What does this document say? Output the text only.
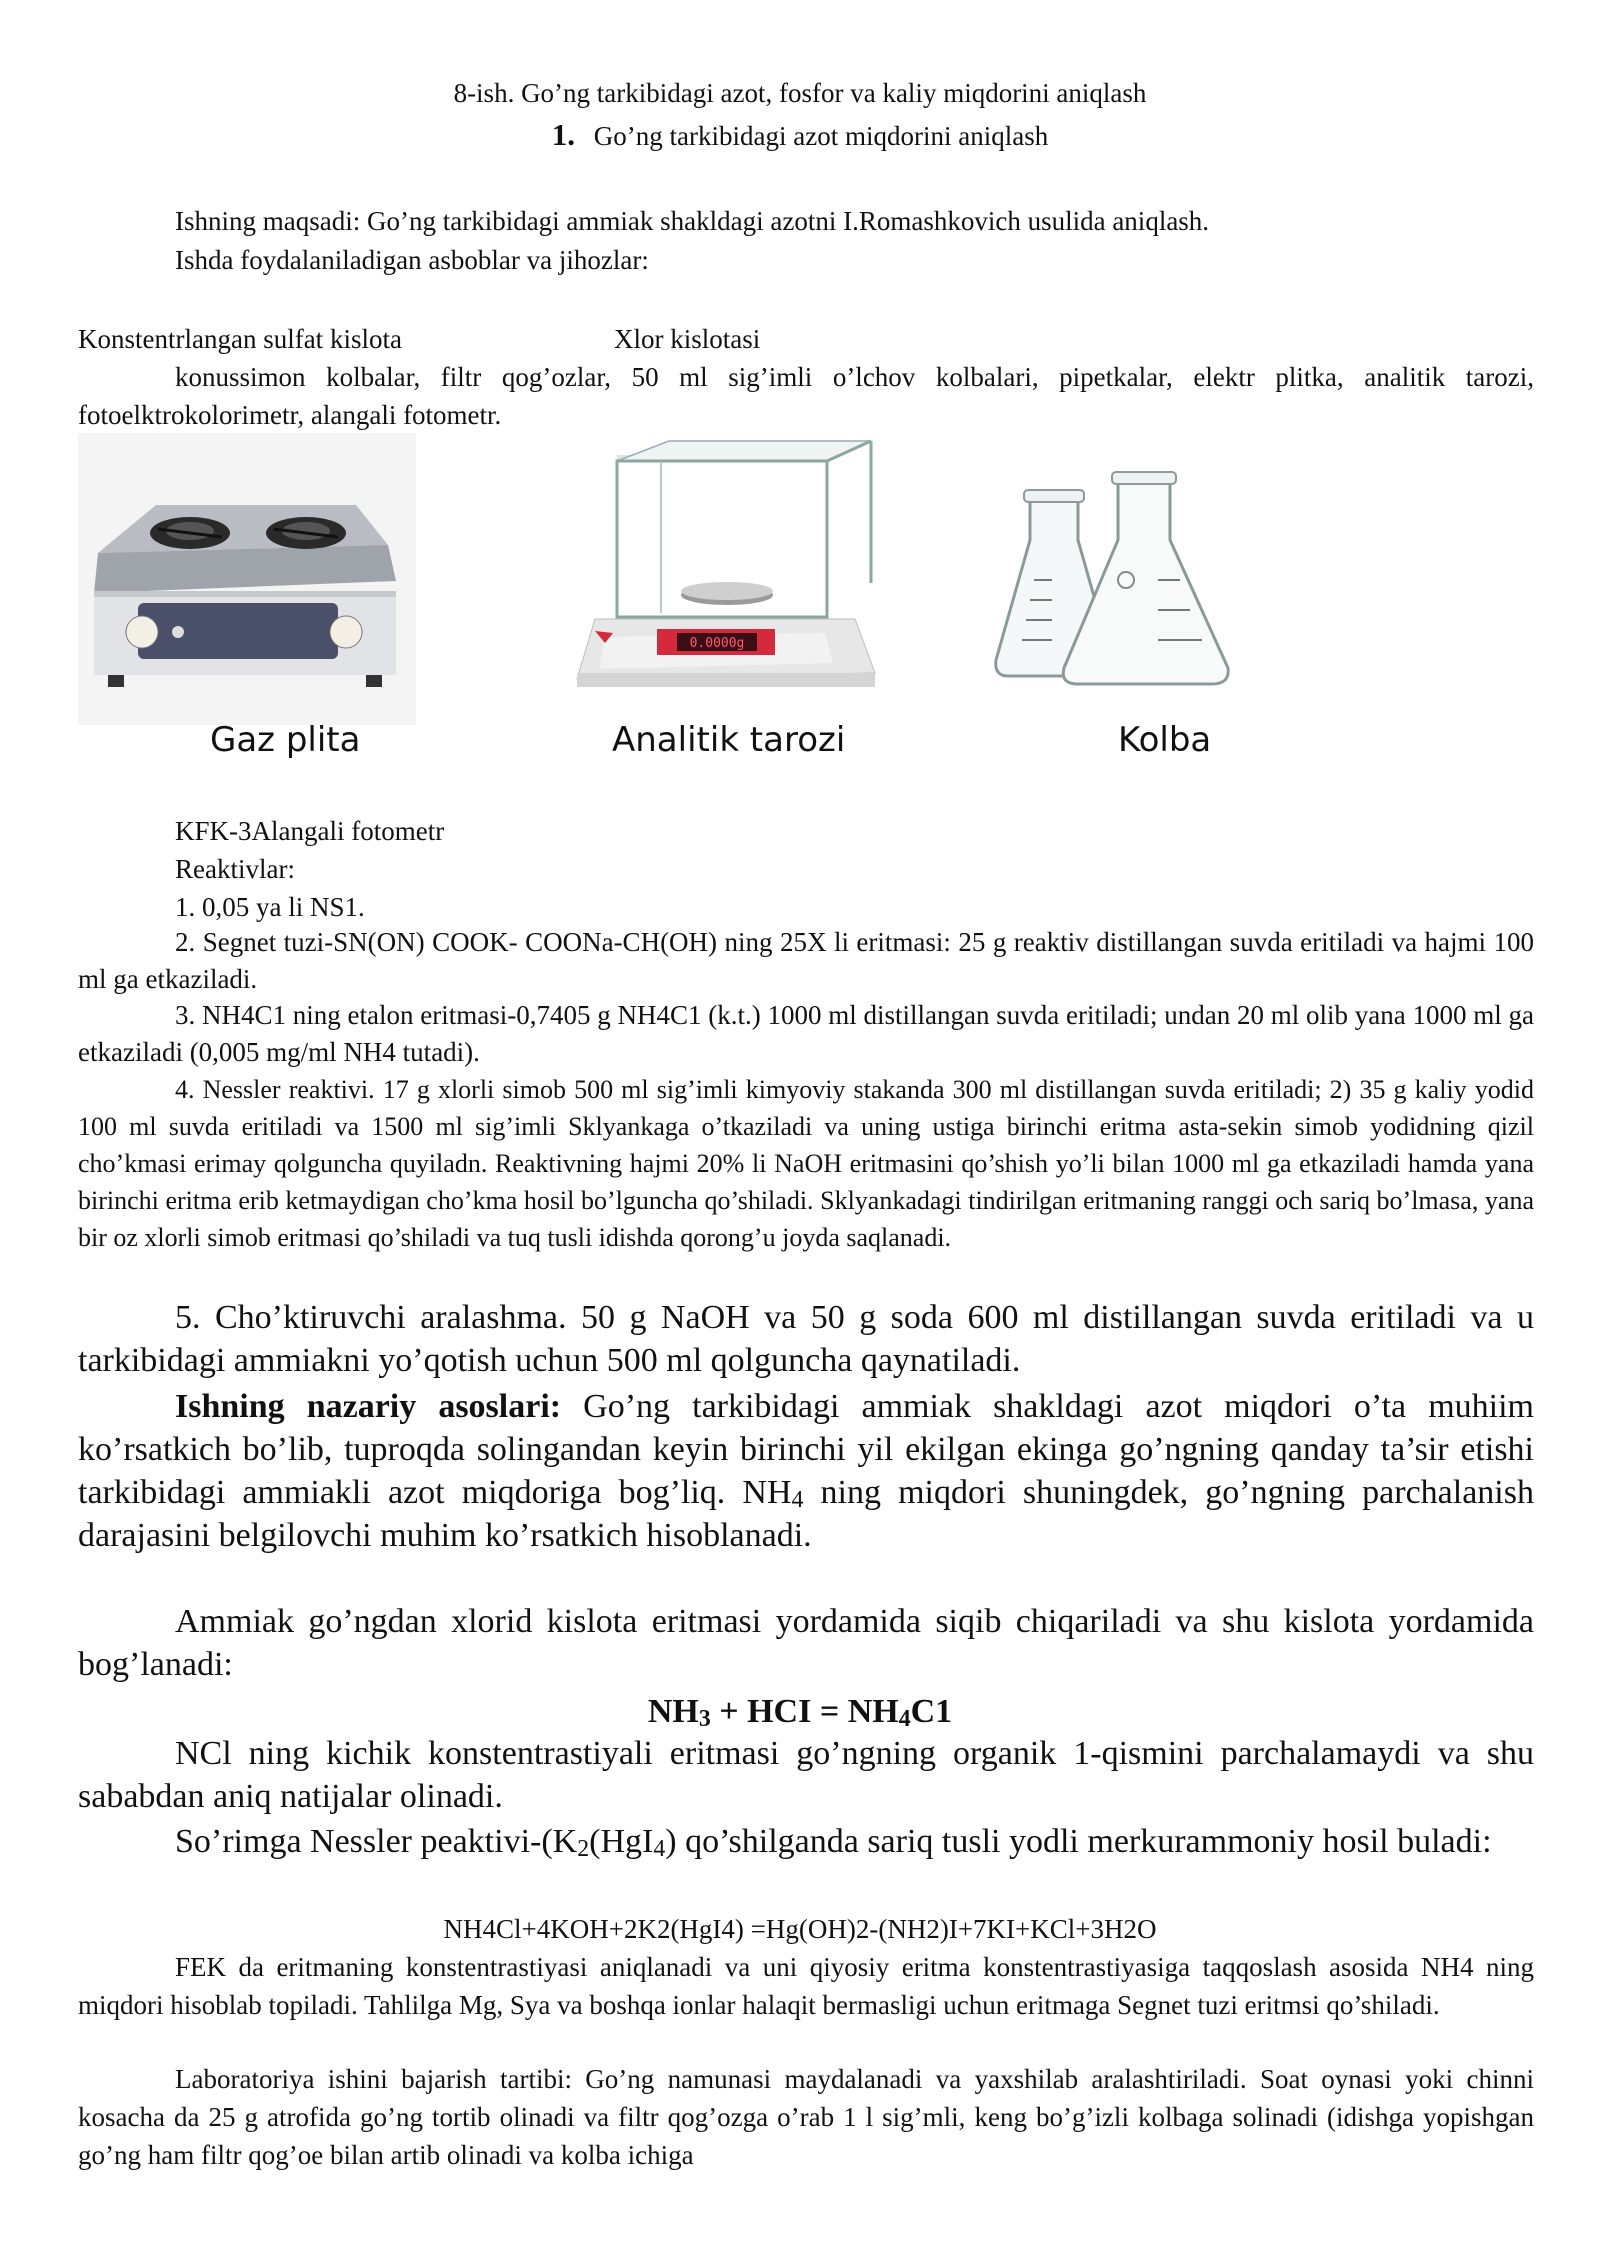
8-ish. Go’ng tarkibidagi azot, fosfor va kaliy miqdorini aniqlash
1. Go’ng tarkibidagi azot miqdorini aniqlash
Ishning maqsadi: Go’ng tarkibidagi ammiak shakldagi azotni I.Romashkovich usulida aniqlash.
Ishda foydalaniladigan asboblar va jihozlar:
Konstentrlangan sulfat kislota	Xlor kislotasi
konussimon kolbalar, filtr qog’ozlar, 50 ml sig’imli o’lchov kolbalari, pipetkalar, elektr plitka, analitik tarozi, fotoelktrokolorimetr, alangali fotometr.
0.0000g
Gaz plita	Analitik tarozi	Kolba
KFK-3Alangali fotometr
Reaktivlar:
1. 0,05 ya li NS1.
2. Segnet tuzi-SN(ON) COOK- COONa-CH(OH) ning 25X li eritmasi: 25 g reaktiv distillangan suvda eritiladi va hajmi 100 ml ga etkaziladi.
3. NH4C1 ning etalon eritmasi-0,7405 g NH4C1 (k.t.) 1000 ml distillangan suvda eritiladi; undan 20 ml olib yana 1000 ml ga etkaziladi (0,005 mg/ml NH4 tutadi).
4. Nessler reaktivi. 17 g xlorli simob 500 ml sig’imli kimyoviy stakanda 300 ml distillangan suvda eritiladi; 2) 35 g kaliy yodid 100 ml suvda eritiladi va 1500 ml sig’imli Sklyankaga o’tkaziladi va uning ustiga birinchi eritma asta-sekin simob yodidning qizil cho’kmasi erimay qolguncha quyiladn. Reaktivning hajmi 20% li NaOH eritmasini qo’shish yo’li bilan 1000 ml ga etkaziladi hamda yana birinchi eritma erib ketmaydigan cho’kma hosil bo’lguncha qo’shiladi. Sklyankadagi tindirilgan eritmaning ranggi och sariq bo’lmasa, yana bir oz xlorli simob eritmasi qo’shiladi va tuq tusli idishda qorong’u joyda saqlanadi.
5. Cho’ktiruvchi aralashma. 50 g NaOH va 50 g soda 600 ml distillangan suvda eritiladi va u tarkibidagi ammiakni yo’qotish uchun 500 ml qolguncha qaynatiladi.
Ishning nazariy asoslari: Go’ng tarkibidagi ammiak shakldagi azot miqdori o’ta muhiim ko’rsatkich bo’lib, tuproqda solingandan keyin birinchi yil ekilgan ekinga go’ngning qanday ta’sir etishi tarkibidagi ammiakli azot miqdoriga bog’liq. $NH_4$ ning miqdori shuningdek, go’ngning parchalanish darajasini belgilovchi muhim ko’rsatkich hisoblanadi.
Ammiak go’ngdan xlorid kislota eritmasi yordamida siqib chiqariladi va shu kislota yordamida bog’lanadi:
$NH_3$ + HCI = $NH_4C1$
NCl ning kichik konstentrastiyali eritmasi go’ngning organik 1-qismini parchalamaydi va shu sababdan aniq natijalar olinadi.
So’rimga Nessler peaktivi-($K_2(HgI_4)$ qo’shilganda sariq tusli yodli merkurammoniy hosil buladi:
NH4Cl+4KOH+2K2(HgI4) =Hg(OH)2-(NH2)I+7KI+KCl+3H2O
FEK da eritmaning konstentrastiyasi aniqlanadi va uni qiyosiy eritma konstentrastiyasiga taqqoslash asosida NH4 ning miqdori hisoblab topiladi. Tahlilga Mg, Sya va boshqa ionlar halaqit bermasligi uchun eritmaga Segnet tuzi eritmsi qo’shiladi.
Laboratoriya ishini bajarish tartibi: Go’ng namunasi maydalanadi va yaxshilab aralashtiriladi. Soat oynasi yoki chinni kosacha da 25 g atrofida go’ng tortib olinadi va filtr qog’ozga o’rab 1 l sig’mli, keng bo’g’izli kolbaga solinadi (idishga yopishgan go’ng ham filtr qog’oe bilan artib olinadi va kolba ichiga
